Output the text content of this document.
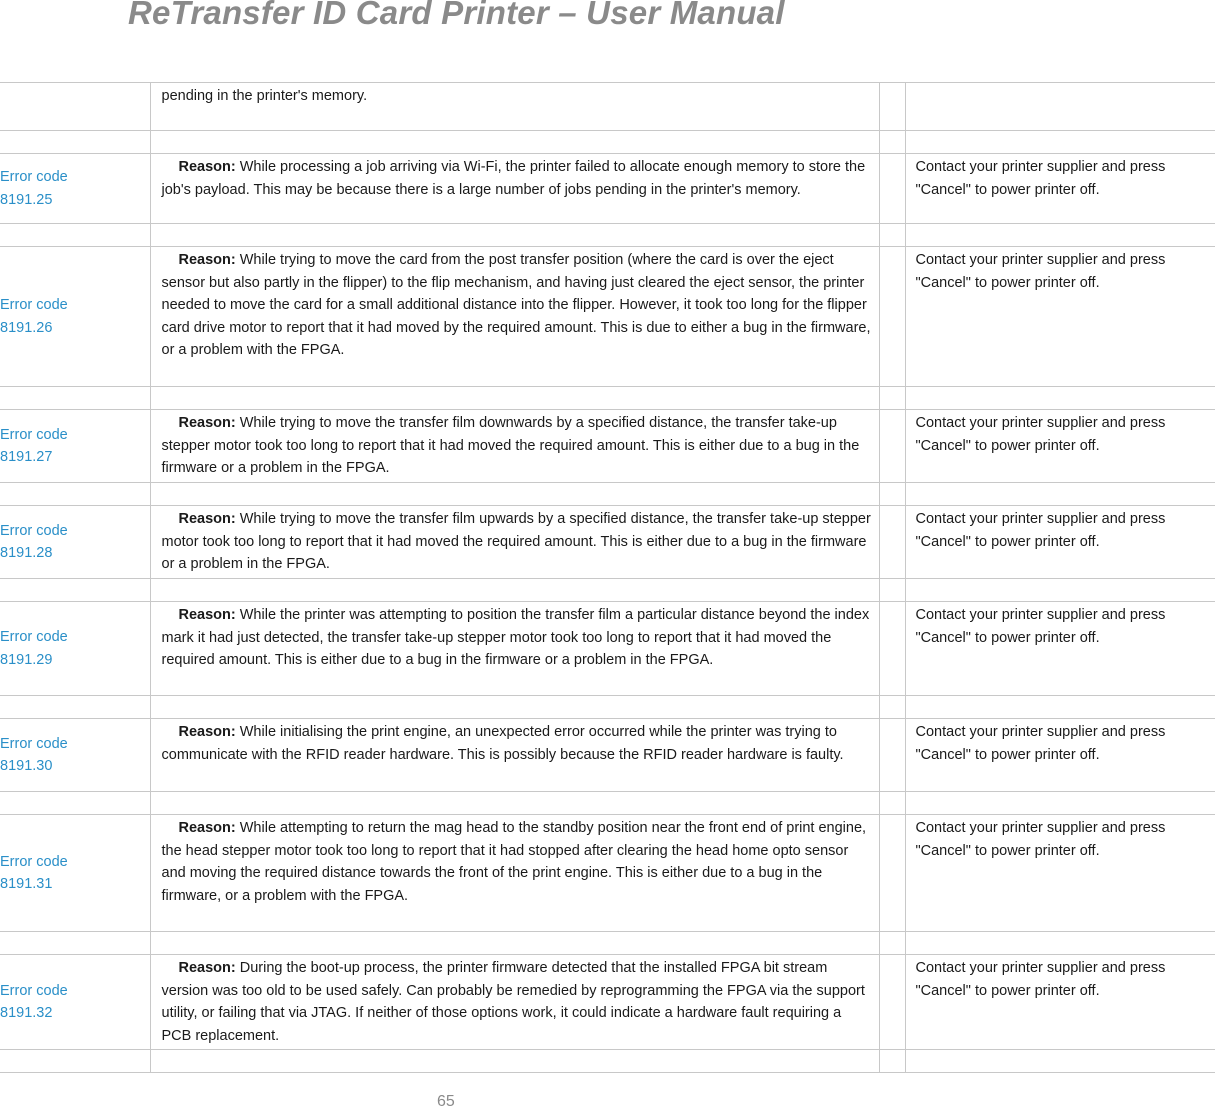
ReTransfer ID Card Printer – User Manual
	pending in the printer's memory.		

Error code
8191.25	Reason: While processing a job arriving via Wi-Fi, the printer failed to allocate enough memory to store the job's payload. This may be because there is a large number of jobs pending in the printer's memory.		Contact your printer supplier and press
"Cancel" to power printer off.

Error code
8191.26	Reason: While trying to move the card from the post transfer position (where the card is over the eject sensor but also partly in the flipper) to the flip mechanism, and having just cleared the eject sensor, the printer needed to move the card for a small additional distance into the flipper. However, it took too long for the flipper card drive motor to report that it had moved by the required amount. This is due to either a bug in the firmware, or a problem with the FPGA.		Contact your printer supplier and press
"Cancel" to power printer off.

Error code
8191.27	Reason: While trying to move the transfer film downwards by a specified distance, the transfer take-up stepper motor took too long to report that it had moved the required amount. This is either due to a bug in the firmware or a problem in the FPGA.		Contact your printer supplier and press
"Cancel" to power printer off.

Error code
8191.28	Reason: While trying to move the transfer film upwards by a specified distance, the transfer take-up stepper motor took too long to report that it had moved the required amount. This is either due to a bug in the firmware or a problem in the FPGA.		Contact your printer supplier and press
"Cancel" to power printer off.

Error code
8191.29	Reason: While the printer was attempting to position the transfer film a particular distance beyond the index mark it had just detected, the transfer take-up stepper motor took too long to report that it had moved the required amount. This is either due to a bug in the firmware or a problem in the FPGA.		Contact your printer supplier and press
"Cancel" to power printer off.

Error code
8191.30	Reason: While initialising the print engine, an unexpected error occurred while the printer was trying to communicate with the RFID reader hardware. This is possibly because the RFID reader hardware is faulty.		Contact your printer supplier and press
"Cancel" to power printer off.

Error code
8191.31	Reason: While attempting to return the mag head to the standby position near the front end of print engine, the head stepper motor took too long to report that it had stopped after clearing the head home opto sensor and moving the required distance towards the front of the print engine. This is either due to a bug in the firmware, or a problem with the FPGA.		Contact your printer supplier and press
"Cancel" to power printer off.

Error code
8191.32	Reason: During the boot-up process, the printer firmware detected that the installed FPGA bit stream version was too old to be used safely. Can probably be remedied by reprogramming the FPGA via the support utility, or failing that via JTAG. If neither of those options work, it could indicate a hardware fault requiring a PCB replacement.		Contact your printer supplier and press
"Cancel" to power printer off.

65
